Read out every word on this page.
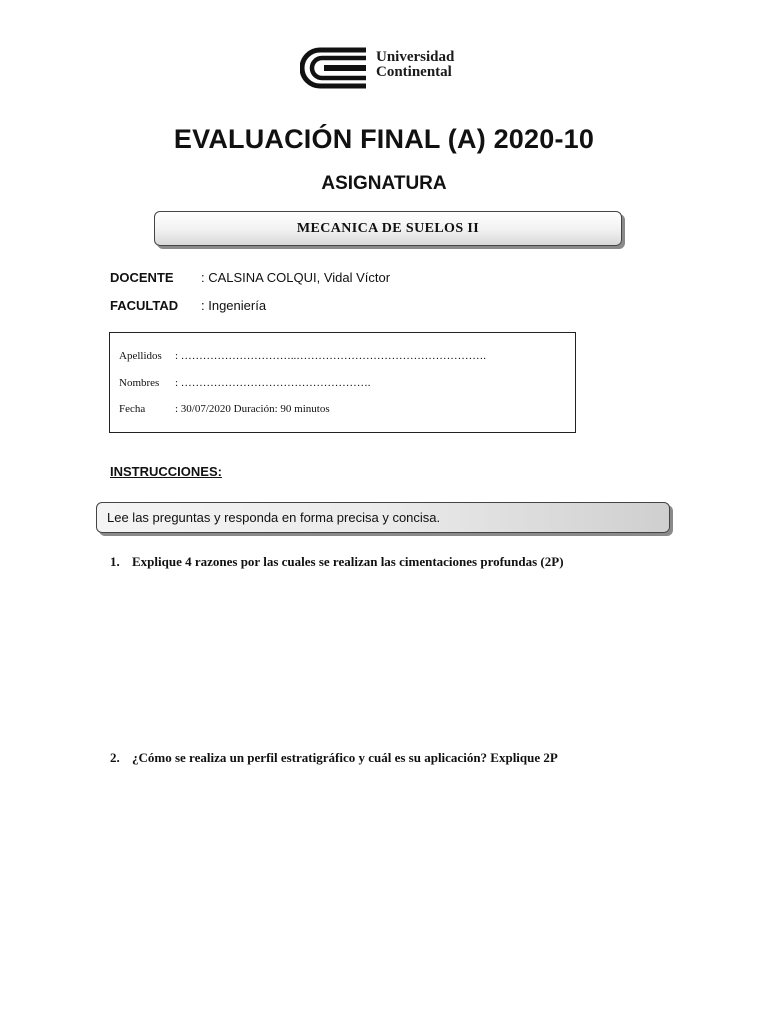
Universidad
Continental
EVALUACIÓN FINAL (A) 2020-10
ASIGNATURA
MECANICA DE SUELOS II
DOCENTE : CALSINA COLQUI, Vidal Víctor
FACULTAD : Ingeniería
Apellidos : …………………………..…………………………………………….
Nombres : …………………………………………….
Fecha	: 30/07/2020 Duración: 90 minutos
INSTRUCCIONES:
Lee las preguntas y responda en forma precisa y concisa.
1. Explique 4 razones por las cuales se realizan las cimentaciones profundas (2P)
2. ¿Cómo se realiza un perfil estratigráfico y cuál es su aplicación? Explique 2P
